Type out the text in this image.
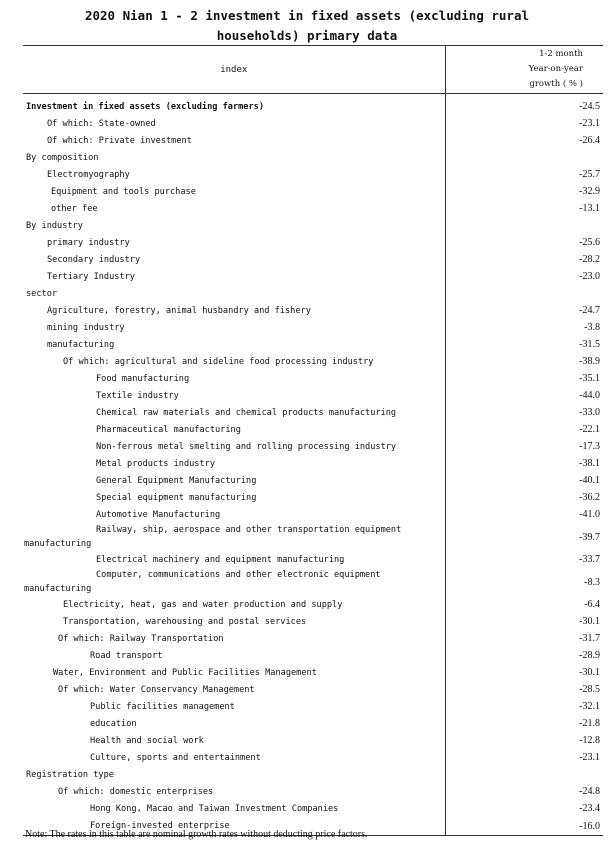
2020 Nian 1 - 2 investment in fixed assets (excluding rural
households) primary data
index	1-2 month
Year-on-year
growth ( % )

Investment in fixed assets (excluding farmers)	-24.5
Of which: State-owned	-23.1
Of which: Private investment	-26.4
By composition	
Electromyography	-25.7
Equipment and tools purchase	-32.9
other fee	-13.1
By industry	
primary industry	-25.6
Secondary industry	-28.2
Tertiary Industry	-23.0
sector	
Agriculture, forestry, animal husbandry and fishery	-24.7
mining industry	-3.8
manufacturing	-31.5
Of which: agricultural and sideline food processing industry	-38.9
Food manufacturing	-35.1
Textile industry	-44.0
Chemical raw materials and chemical products manufacturing	-33.0
Pharmaceutical manufacturing	-22.1
Non-ferrous metal smelting and rolling processing industry	-17.3
Metal products industry	-38.1
General Equipment Manufacturing	-40.1
Special equipment manufacturing	-36.2
Automotive Manufacturing	-41.0

Railway, ship, aerospace and other transportation equipment
manufacturing	-39.7
Electrical machinery and equipment manufacturing	-33.7

Computer, communications and other electronic equipment
manufacturing	-8.3
Electricity, heat, gas and water production and supply	-6.4
Transportation, warehousing and postal services	-30.1
Of which: Railway Transportation	-31.7
Road transport	-28.9
Water, Environment and Public Facilities Management	-30.1
Of which: Water Conservancy Management	-28.5
Public facilities management	-32.1
education	-21.8
Health and social work	-12.8
Culture, sports and entertainment	-23.1
Registration type	
Of which: domestic enterprises	-24.8
Hong Kong, Macao and Taiwan Investment Companies	-23.4
Foreign-invested enterprise	-16.0
Note: The rates in this table are nominal growth rates without deducting price factors.
